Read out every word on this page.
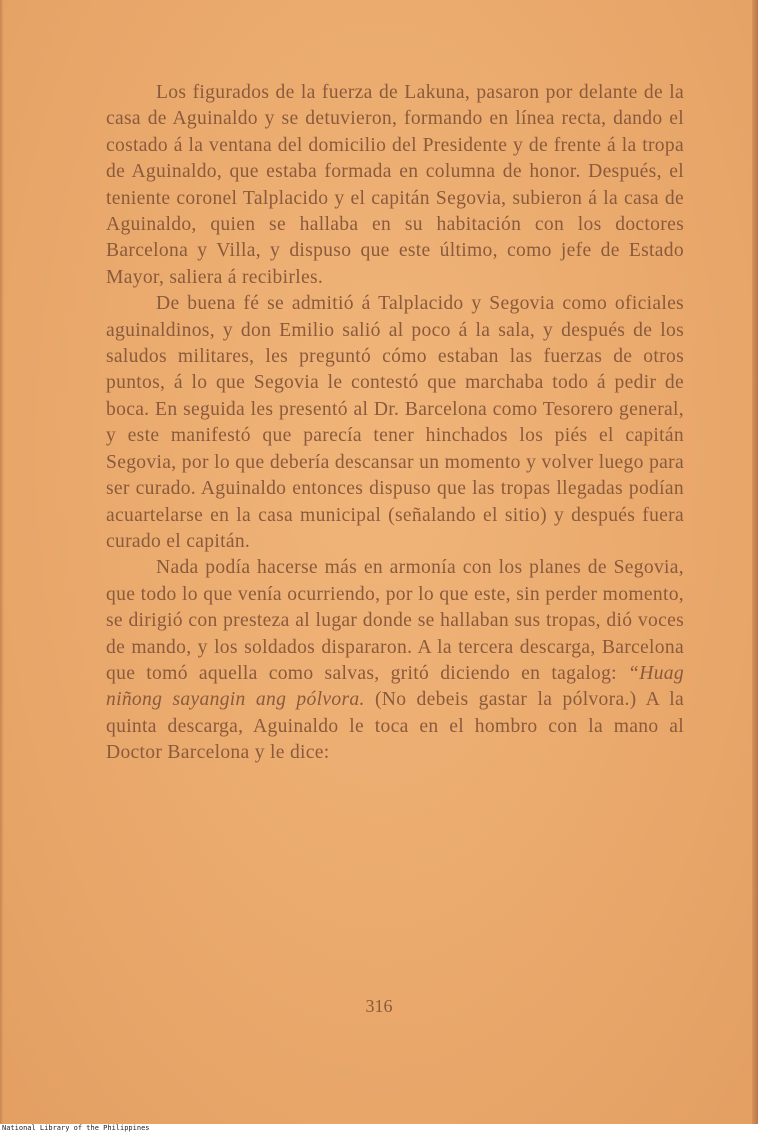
Los figurados de la fuerza de Lakuna, pasaron por delante de la casa de Aguinaldo y se detuvieron, formando en línea recta, dando el costado á la ventana del domicilio del Presidente y de frente á la tropa de Aguinaldo, que estaba formada en columna de honor. Después, el teniente coronel Talplacido y el capitán Segovia, subieron á la casa de Aguinaldo, quien se hallaba en su habitación con los doctores Barcelona y Villa, y dispuso que este último, como jefe de Estado Mayor, saliera á recibirles.

De buena fé se admitió á Talplacido y Segovia como oficiales aguinaldinos, y don Emilio salió al poco á la sala, y después de los saludos militares, les preguntó cómo estaban las fuerzas de otros puntos, á lo que Segovia le contestó que marchaba todo á pedir de boca. En seguida les presentó al Dr. Barcelona como Tesorero general, y este manifestó que parecía tener hinchados los piés el capitán Segovia, por lo que debería descansar un momento y volver luego para ser curado. Aguinaldo entonces dispuso que las tropas llegadas podían acuartelarse en la casa municipal (señalando el sitio) y después fuera curado el capitán.

Nada podía hacerse más en armonía con los planes de Segovia, que todo lo que venía ocurriendo, por lo que este, sin perder momento, se dirigió con presteza al lugar donde se hallaban sus tropas, dió voces de mando, y los soldados dispararon. A la tercera descarga, Barcelona que tomó aquella como salvas, gritó diciendo en tagalog: “Huag niñong sayangin ang pólvora. (No debeis gastar la pólvora.) A la quinta descarga, Aguinaldo le toca en el hombro con la mano al Doctor Barcelona y le dice:

316
National Library of the Philippines
